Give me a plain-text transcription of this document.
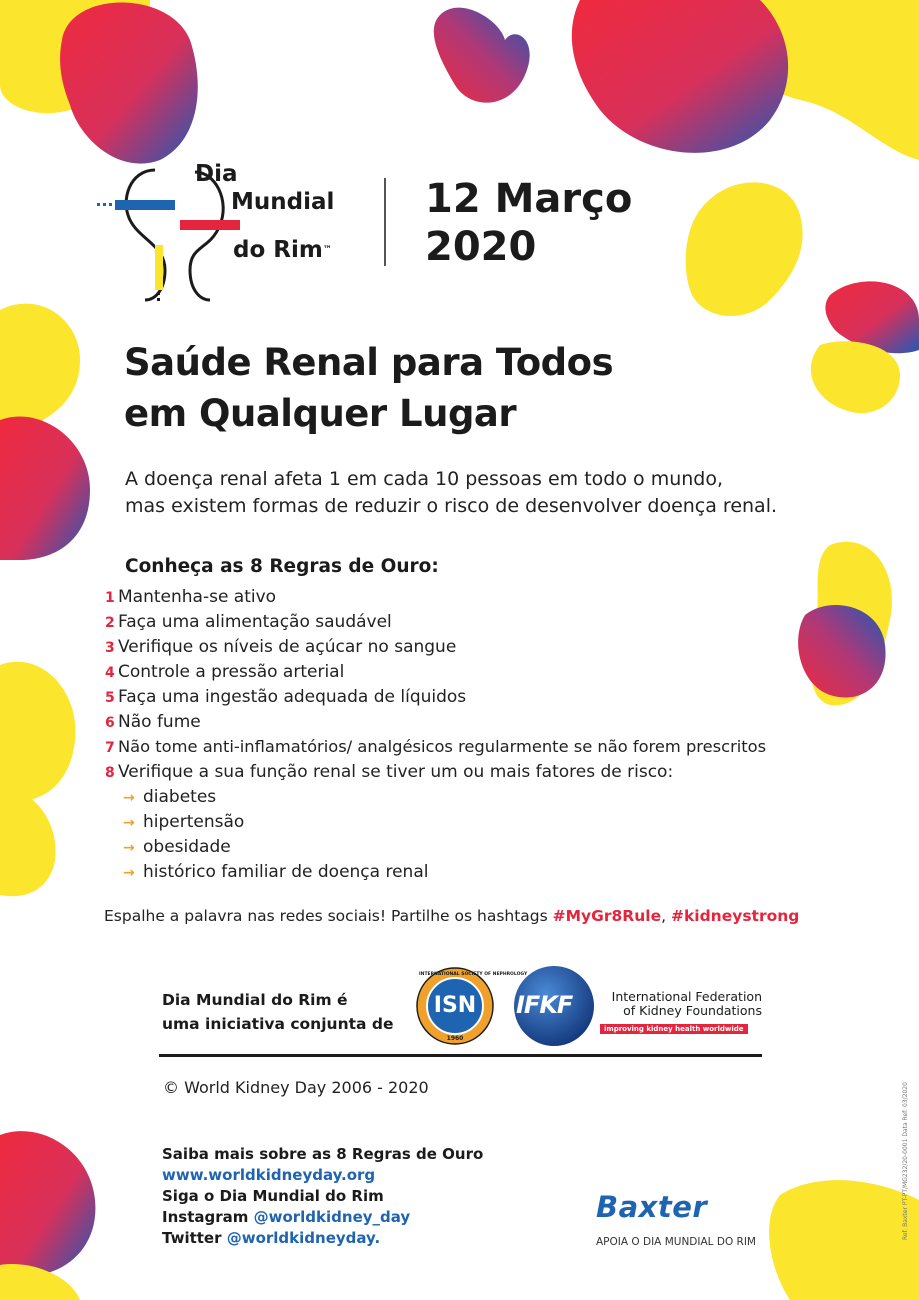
Dia
Mundial
do Rim™
12 Março
2020
Saúde Renal para Todos
em Qualquer Lugar
A doença renal afeta 1 em cada 10 pessoas em todo o mundo,
mas existem formas de reduzir o risco de desenvolver doença renal.
Conheça as 8 Regras de Ouro:
1 Mantenha-se ativo
2 Faça uma alimentação saudável
3 Verifique os níveis de açúcar no sangue
4 Controle a pressão arterial
5 Faça uma ingestão adequada de líquidos
6 Não fume
7 Não tome anti-inflamatórios/ analgésicos regularmente se não forem prescritos
8 Verifique a sua função renal se tiver um ou mais fatores de risco:
→ diabetes
→ hipertensão
→ obesidade
→ histórico familiar de doença renal
Espalhe a palavra nas redes sociais! Partilhe os hashtags #MyGr8Rule, #kidneystrong
Dia Mundial do Rim é
uma iniciativa conjunta de
ISN
INTERNATIONAL SOCIETY OF NEPHROLOGY
1960
IFKF	International Federation
of Kidney Foundations
improving kidney health worldwide
© World Kidney Day 2006 - 2020
Saiba mais sobre as 8 Regras de Ouro
www.worldkidneyday.org
Siga o Dia Mundial do Rim
Instagram @worldkidney_day
Twitter @worldkidneyday.
Baxter
APOIA O DIA MUNDIAL DO RIM
Ref. Baxter PT-PT/MG232/20-0001 Data Ref: 03/2020
